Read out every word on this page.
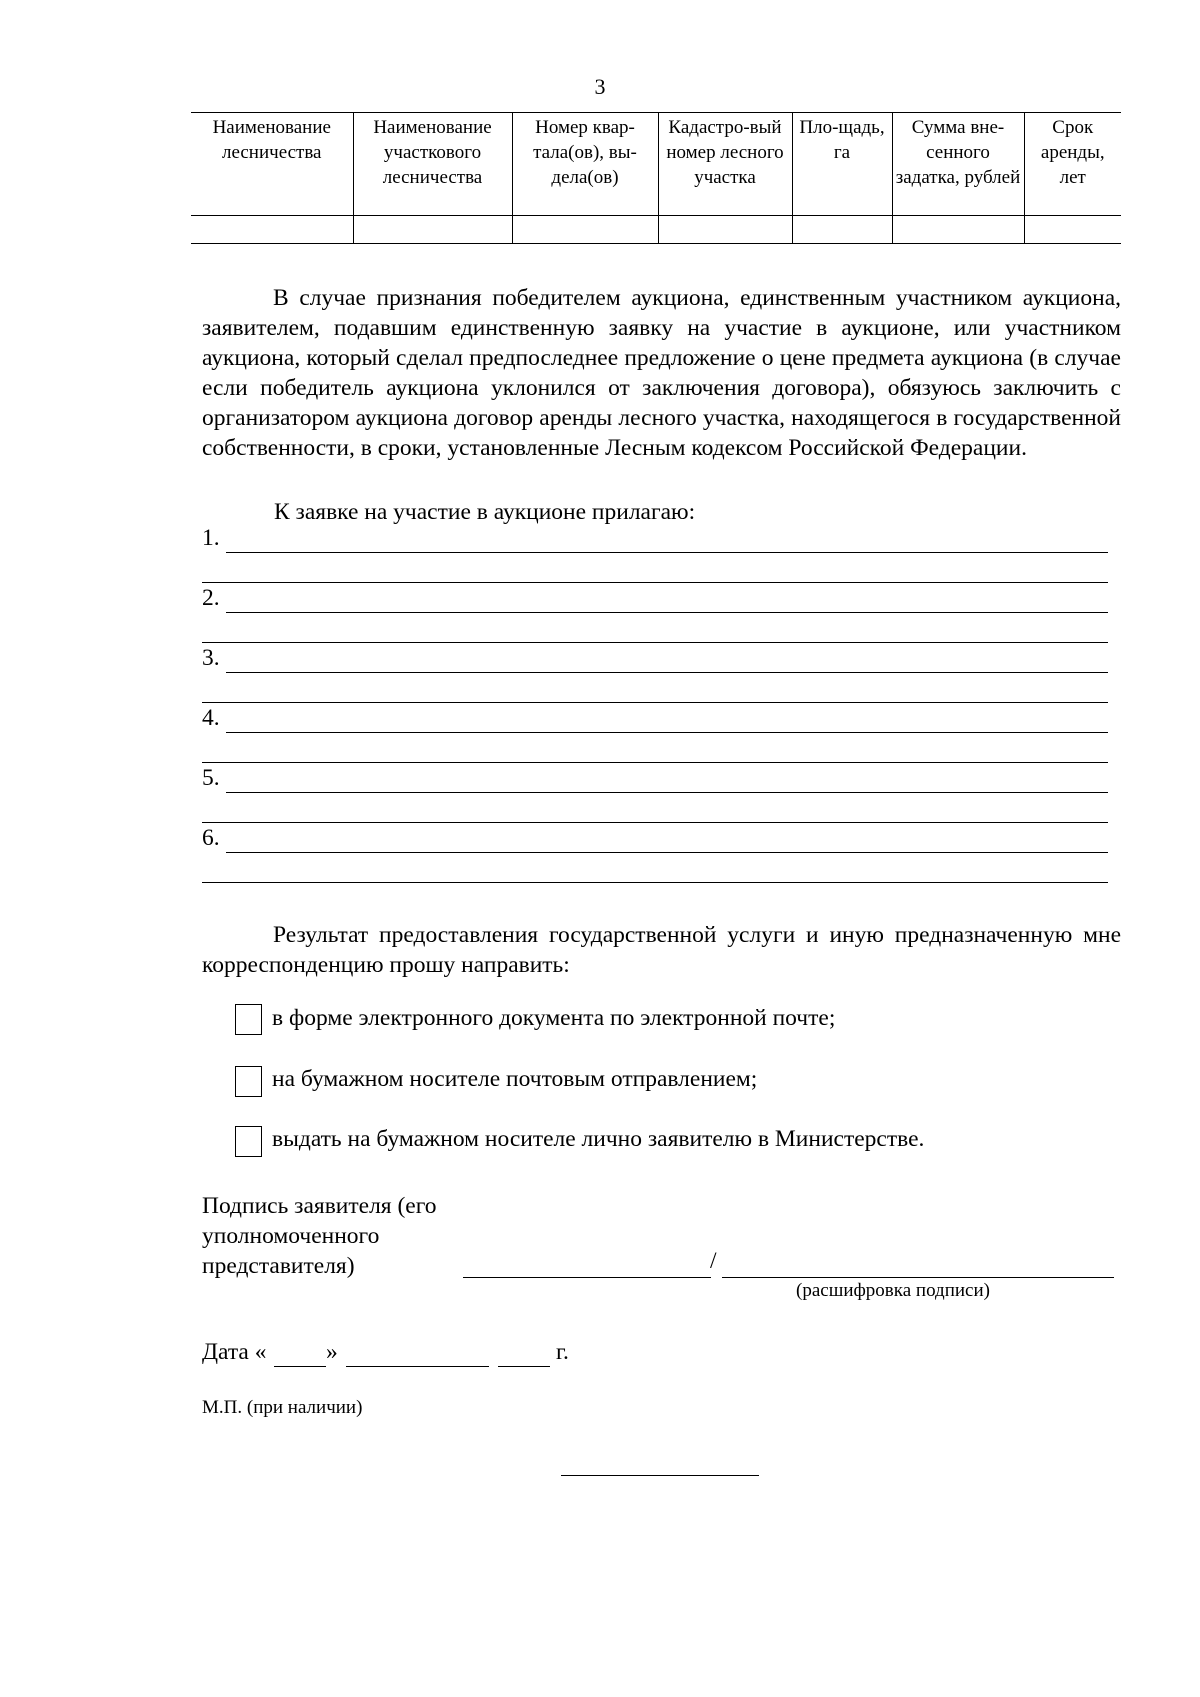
3
Наименование лесничества	Наименование участкового лесничества	Номер квар-тала(ов), вы-дела(ов)	Кадастро-вый номер лесного участка	Пло-щадь, га	Сумма вне-сенного задатка, рублей	Срок аренды, лет

В случае признания победителем аукциона, единственным участником аукциона, заявителем, подавшим единственную заявку на участие в аукционе, или участником аукциона, который сделал предпоследнее предложение о цене предмета аукциона (в случае если победитель аукциона уклонился от заключения договора), обязуюсь заключить с организатором аукциона договор аренды лесного участка, находящегося в государственной собственности, в сроки, установленные Лесным кодексом Российской Федерации.
К заявке на участие в аукционе прилагаю:
1.
2.
3.
4.
5.
6.
Результат предоставления государственной услуги и иную предназначенную мне корреспонденцию прошу направить:
в форме электронного документа по электронной почте;
на бумажном носителе почтовым отправлением;
выдать на бумажном носителе лично заявителю в Министерстве.
Подпись заявителя (его уполномоченного представителя)	/
(расшифровка подписи)
Дата «	»	г.
М.П. (при наличии)
